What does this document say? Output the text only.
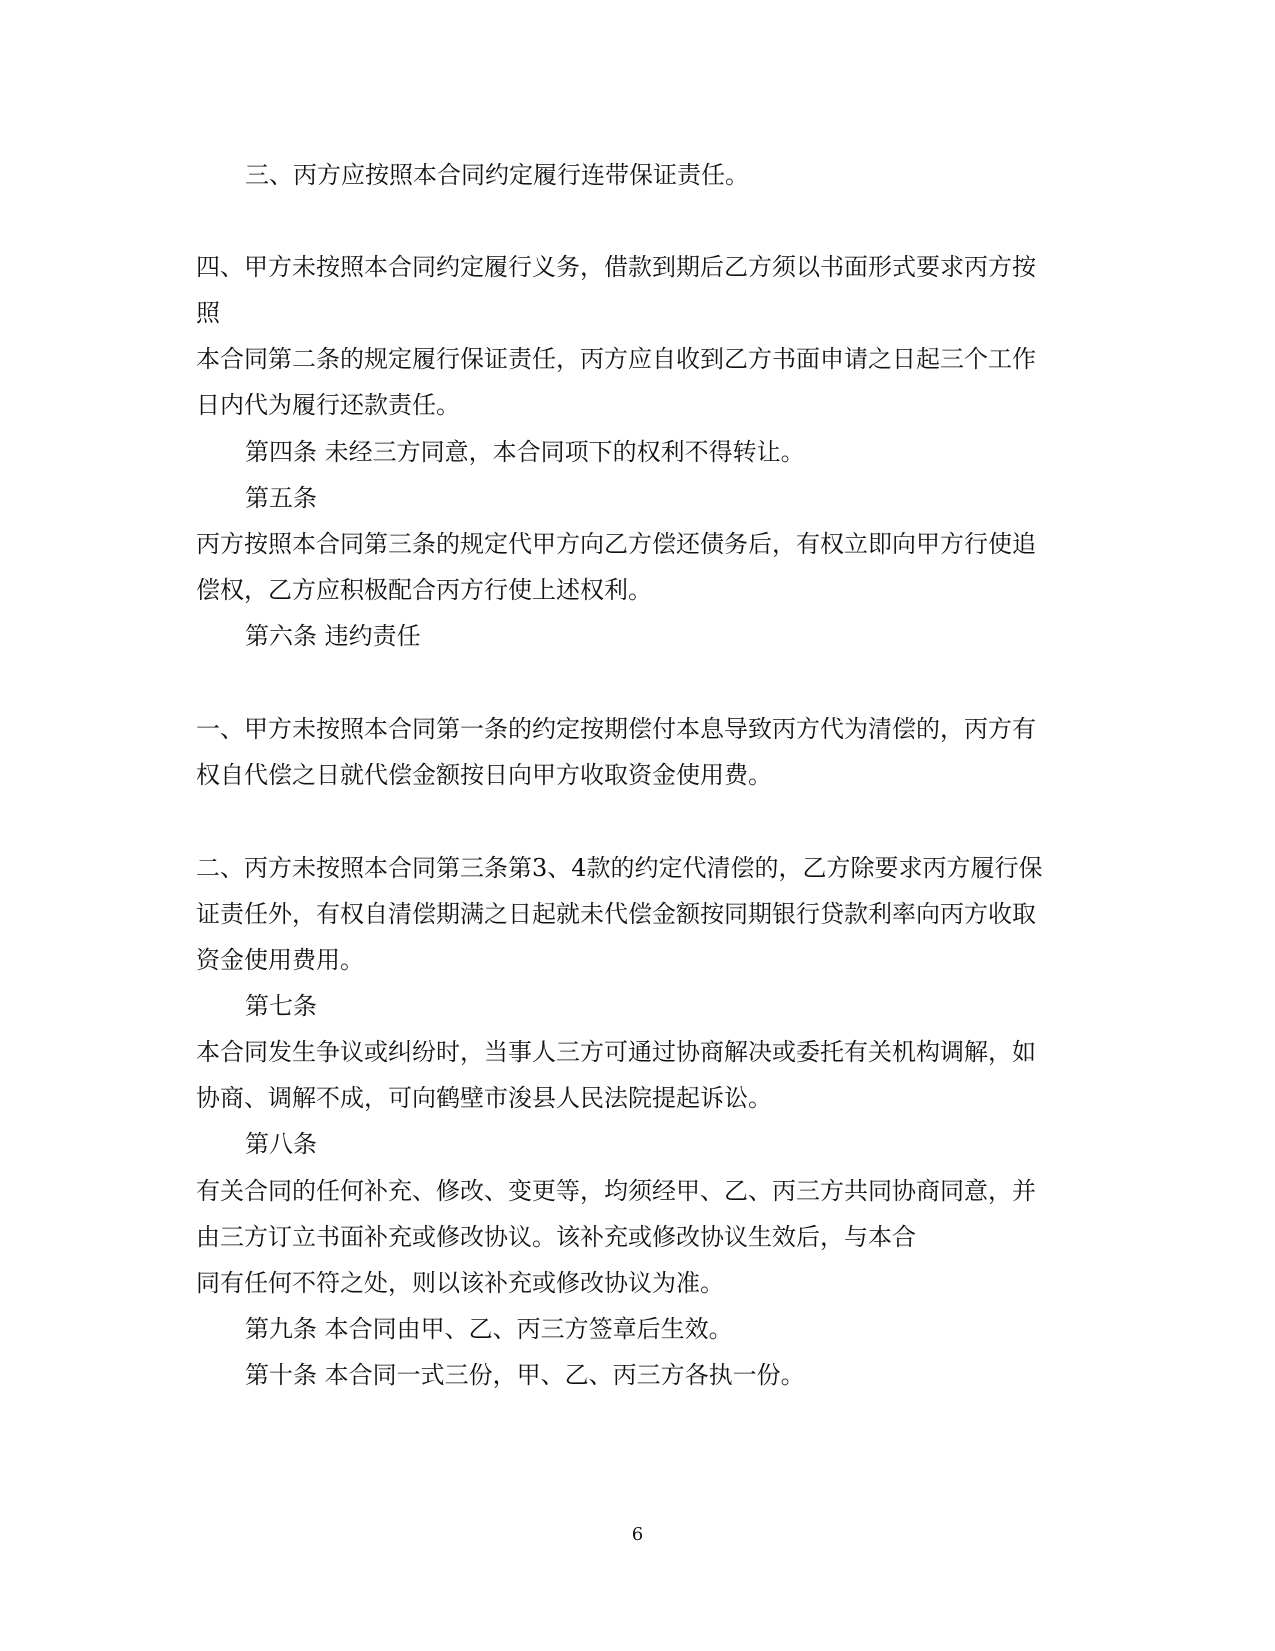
三、丙方应按照本合同约定履行连带保证责任。
四、甲方未按照本合同约定履行义务，借款到期后乙方须以书面形式要求丙方按
照
本合同第二条的规定履行保证责任，丙方应自收到乙方书面申请之日起三个工作
日内代为履行还款责任。
第四条 未经三方同意，本合同项下的权利不得转让。
第五条
丙方按照本合同第三条的规定代甲方向乙方偿还债务后，有权立即向甲方行使追
偿权，乙方应积极配合丙方行使上述权利。
第六条 违约责任
一、甲方未按照本合同第一条的约定按期偿付本息导致丙方代为清偿的，丙方有
权自代偿之日就代偿金额按日向甲方收取资金使用费。
二、丙方未按照本合同第三条第3、4款的约定代清偿的，乙方除要求丙方履行保
证责任外，有权自清偿期满之日起就未代偿金额按同期银行贷款利率向丙方收取
资金使用费用。
第七条
本合同发生争议或纠纷时，当事人三方可通过协商解决或委托有关机构调解，如
协商、调解不成，可向鹤壁市浚县人民法院提起诉讼。
第八条
有关合同的任何补充、修改、变更等，均须经甲、乙、丙三方共同协商同意，并
由三方订立书面补充或修改协议。该补充或修改协议生效后，与本合
同有任何不符之处，则以该补充或修改协议为准。
第九条 本合同由甲、乙、丙三方签章后生效。
第十条 本合同一式三份，甲、乙、丙三方各执一份。
6
